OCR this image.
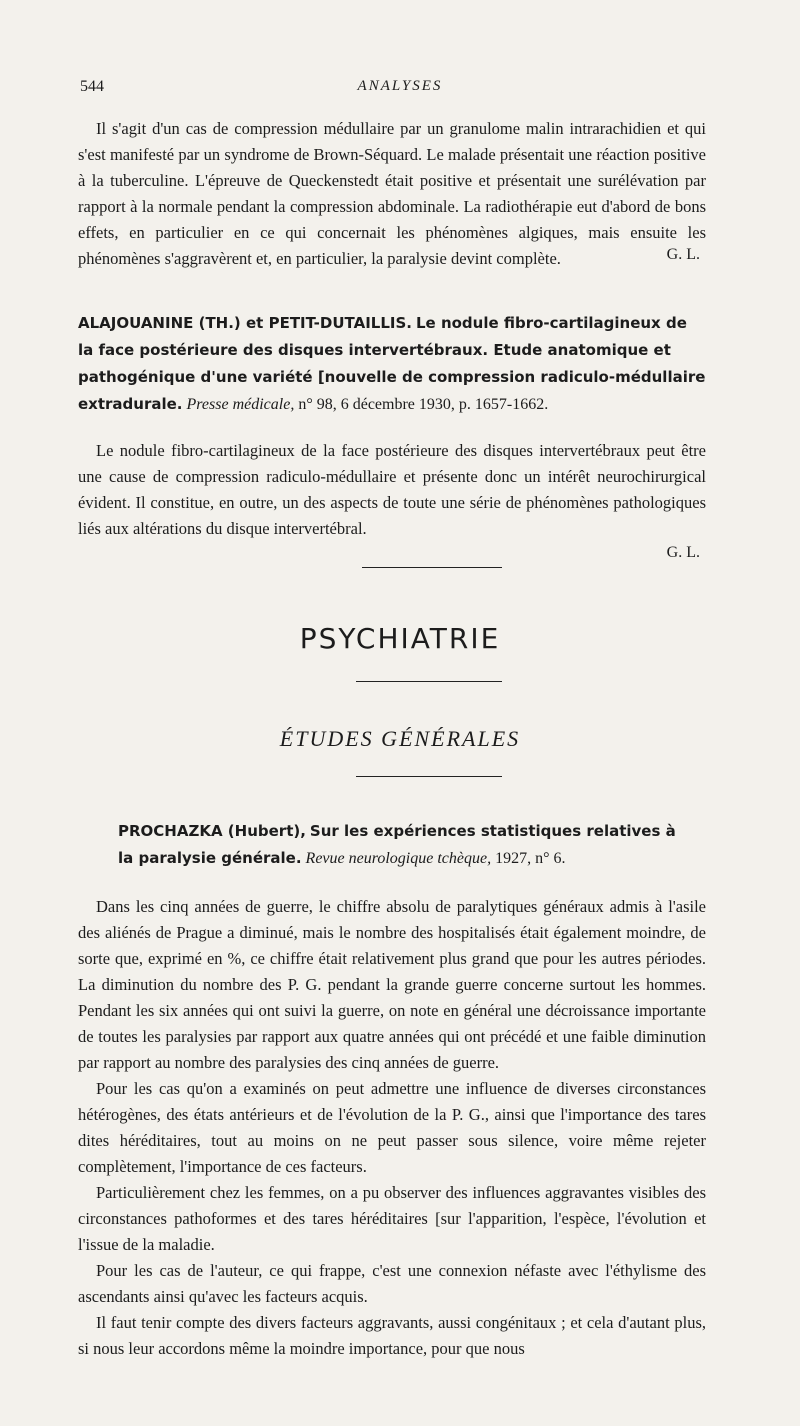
544	ANALYSES

Il s'agit d'un cas de compression médullaire par un granulome malin intrarachidien et qui s'est manifesté par un syndrome de Brown-Séquard. Le malade présentait une réaction positive à la tuberculine. L'épreuve de Queckenstedt était positive et présentait une surélévation par rapport à la normale pendant la compression abdominale. La radiothérapie eut d'abord de bons effets, en particulier en ce qui concernait les phénomènes algiques, mais ensuite les phénomènes s'aggravèrent et, en particulier, la paralysie devint complète.	G. L.

ALAJOUANINE (TH.) et PETIT-DUTAILLIS. Le nodule fibro-cartilagineux de la face postérieure des disques intervertébraux. Etude anatomique et pathogénique d'une variété [nouvelle de compression radiculo-médullaire extradurale. Presse médicale, n° 98, 6 décembre 1930, p. 1657-1662.

Le nodule fibro-cartilagineux de la face postérieure des disques intervertébraux peut être une cause de compression radiculo-médullaire et présente donc un intérêt neurochirurgical évident. Il constitue, en outre, un des aspects de toute une série de phénomènes pathologiques liés aux altérations du disque intervertébral.

G. L.
PSYCHIATRIE
ÉTUDES GÉNÉRALES

PROCHAZKA (Hubert), Sur les expériences statistiques relatives à la paralysie générale. Revue neurologique tchèque, 1927, n° 6.

Dans les cinq années de guerre, le chiffre absolu de paralytiques généraux admis à l'asile des aliénés de Prague a diminué, mais le nombre des hospitalisés était également moindre, de sorte que, exprimé en %, ce chiffre était relativement plus grand que pour les autres périodes. La diminution du nombre des P. G. pendant la grande guerre concerne surtout les hommes. Pendant les six années qui ont suivi la guerre, on note en général une décroissance importante de toutes les paralysies par rapport aux quatre années qui ont précédé et une faible diminution par rapport au nombre des paralysies des cinq années de guerre.

Pour les cas qu'on a examinés on peut admettre une influence de diverses circonstances hétérogènes, des états antérieurs et de l'évolution de la P. G., ainsi que l'importance des tares dites héréditaires, tout au moins on ne peut passer sous silence, voire même rejeter complètement, l'importance de ces facteurs.

Particulièrement chez les femmes, on a pu observer des influences aggravantes visibles des circonstances pathoformes et des tares héréditaires [sur l'apparition, l'espèce, l'évolution et l'issue de la maladie.

Pour les cas de l'auteur, ce qui frappe, c'est une connexion néfaste avec l'éthylisme des ascendants ainsi qu'avec les facteurs acquis.

Il faut tenir compte des divers facteurs aggravants, aussi congénitaux ; et cela d'autant plus, si nous leur accordons même la moindre importance, pour que nous
